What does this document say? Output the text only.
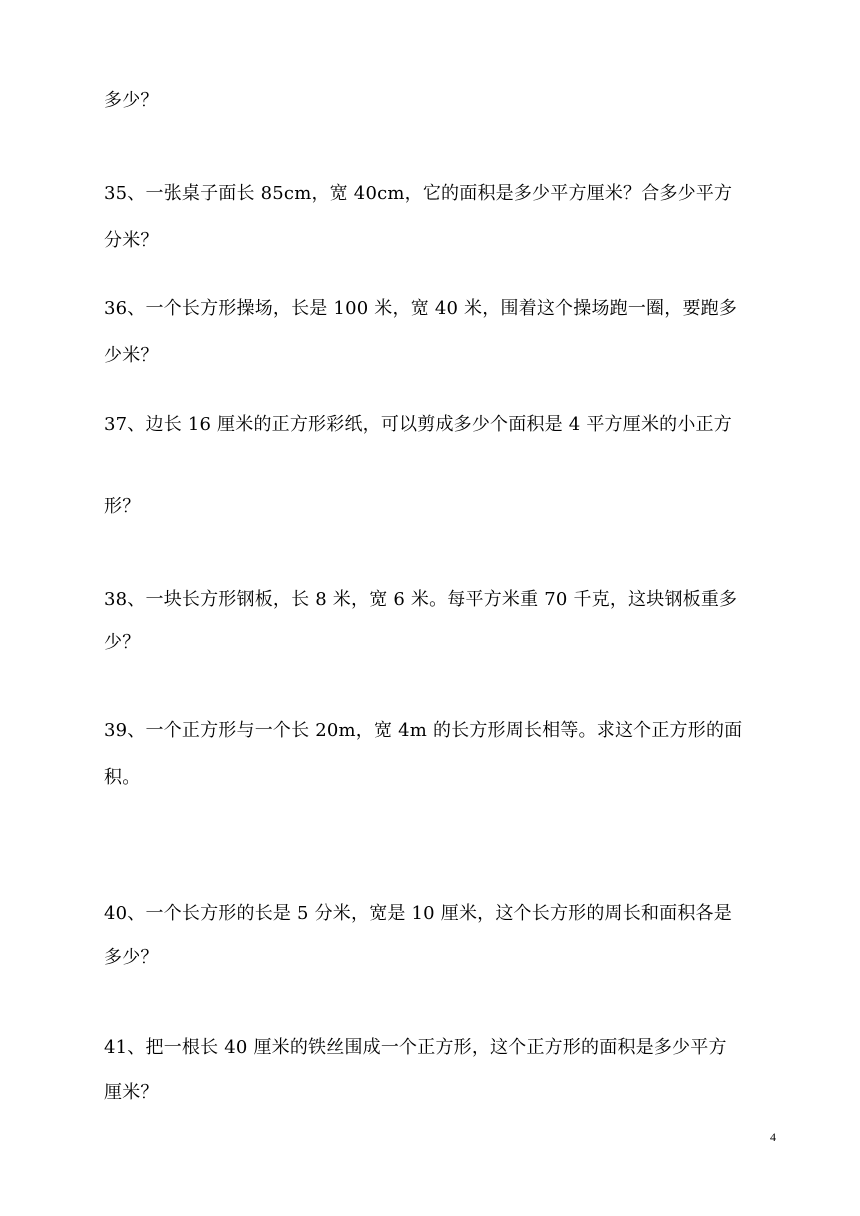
多少？
35、一张桌子面长 85cm，宽 40cm，它的面积是多少平方厘米？合多少平方
分米？
36、一个长方形操场，长是 100 米，宽 40 米，围着这个操场跑一圈，要跑多
少米？
37、边长 16 厘米的正方形彩纸，可以剪成多少个面积是 4 平方厘米的小正方
形？
38、一块长方形钢板，长 8 米，宽 6 米。每平方米重 70 千克，这块钢板重多
少？
39、一个正方形与一个长 20m，宽 4m 的长方形周长相等。求这个正方形的面
积。
40、一个长方形的长是 5 分米，宽是 10 厘米，这个长方形的周长和面积各是
多少？
41、把一根长 40 厘米的铁丝围成一个正方形，这个正方形的面积是多少平方
厘米？
4
